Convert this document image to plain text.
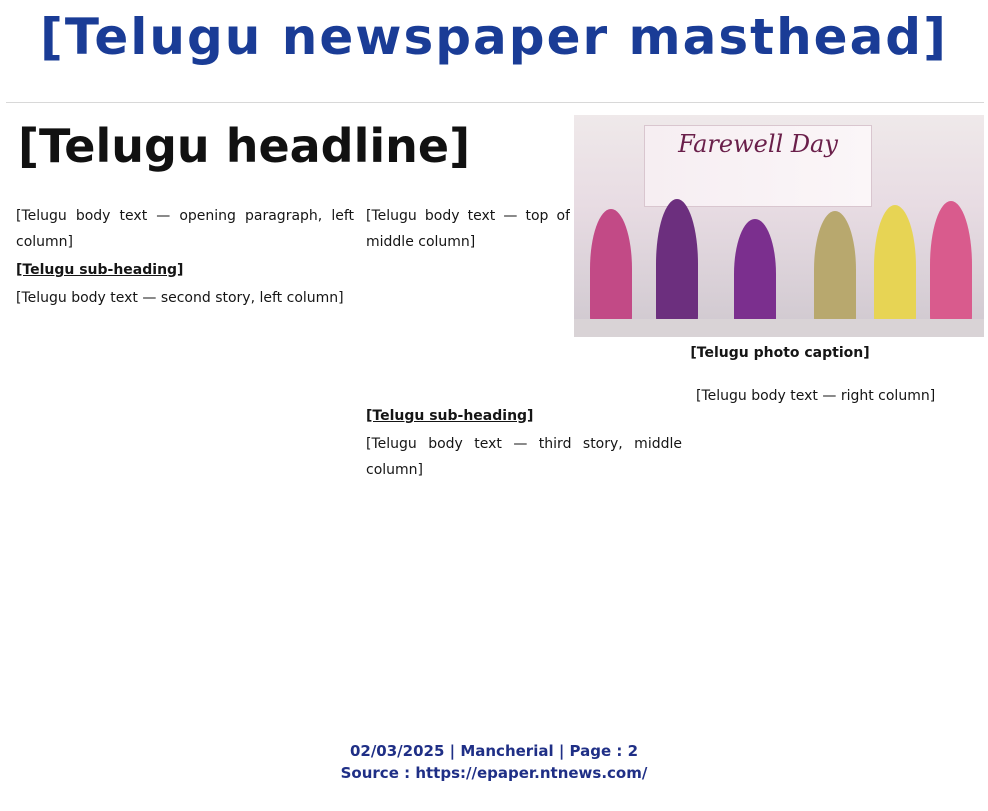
[Telugu newspaper masthead]
[Telugu headline]	Farewell Day
[Telugu photo caption]

[Telugu body text — opening paragraph, left column]

[Telugu sub-heading]

[Telugu body text — second story, left column]

[Telugu body text — top of middle column]

[Telugu sub-heading]

[Telugu body text — third story, middle column]

[Telugu body text — right column]

02/03/2025 | Mancherial | Page : 2
Source : https://epaper.ntnews.com/
